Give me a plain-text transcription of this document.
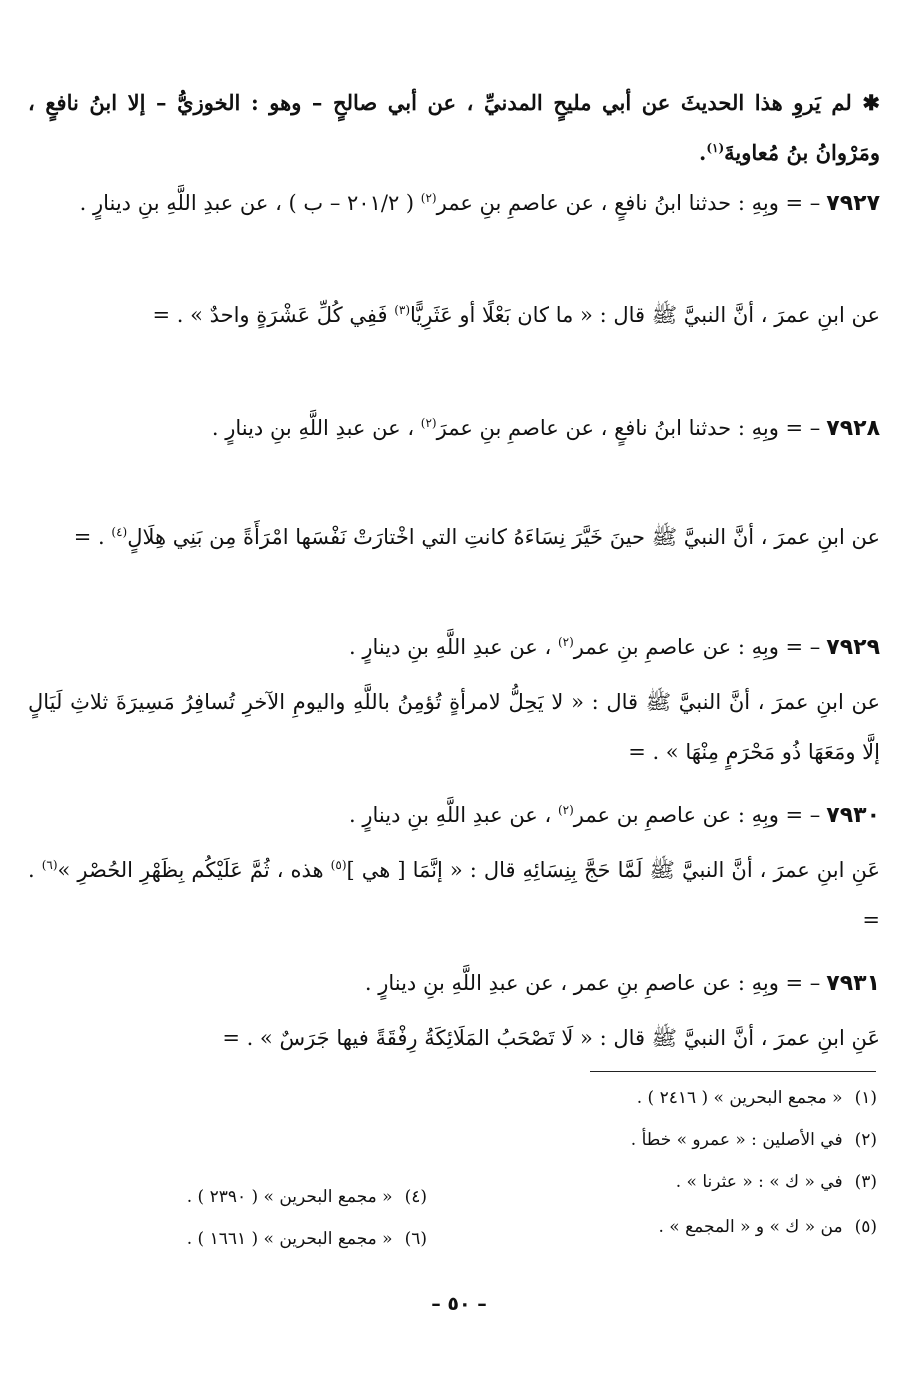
✱ لم يَروِ هذا الحديثَ عن أبي مليحٍ المدنيِّ ، عن أبي صالحٍ – وهو : الخوزيُّ – إلا ابنُ نافعٍ ، ومَرْوانُ بنُ مُعاويةَ$^{(١)}$.

٧٩٢٧– = وبِهِ : حدثنا ابنُ نافعٍ ، عن عاصمِ بنِ عمر$^{(٢)}$ ( ٢٠١/٢ – ب ) ، عن عبدِ اللَّهِ بنِ دينارٍ .

عن ابنِ عمرَ ، أنَّ النبيَّ ﷺ قال : « ما كان بَعْلًا أو عَثَرِيًّا$^{(٣)}$ فَفِي كُلِّ عَشْرَةٍ واحدٌ » . =

٧٩٢٨– = وبِهِ : حدثنا ابنُ نافعٍ ، عن عاصمِ بنِ عمرَ$^{(٢)}$ ، عن عبدِ اللَّهِ بنِ دينارٍ .

عن ابنِ عمرَ ، أنَّ النبيَّ ﷺ حينَ خَيَّرَ نِسَاءَهُ كانتِ التي اخْتارَتْ نَفْسَها امْرَأَةً مِن بَنِي هِلَالٍ$^{(٤)}$ . =

٧٩٢٩– = وبِهِ : عن عاصمِ بنِ عمر$^{(٢)}$ ، عن عبدِ اللَّهِ بنِ دينارٍ .

عن ابنِ عمرَ ، أنَّ النبيَّ ﷺ قال : « لا يَحِلُّ لامرأةٍ تُؤمِنُ باللَّهِ واليومِ الآخرِ تُسافِرُ مَسِيرَةَ ثلاثِ لَيَالٍ إلَّا ومَعَهَا ذُو مَحْرَمٍ مِنْهَا » . =

٧٩٣٠– = وبِهِ : عن عاصمِ بن عمر$^{(٢)}$ ، عن عبدِ اللَّهِ بنِ دينارٍ .

عَنِ ابنِ عمرَ ، أنَّ النبيَّ ﷺ لَمَّا حَجَّ بِنِسَائِهِ قال : « إنَّمَا [ هي ]$^{(٥)}$ هذه ، ثُمَّ عَلَيْكُم بِظَهْرِ الحُصْرِ »$^{(٦)}$ . =

٧٩٣١– = وبِهِ : عن عاصمِ بنِ عمر ، عن عبدِ اللَّهِ بنِ دينارٍ .

عَنِ ابنِ عمرَ ، أنَّ النبيَّ ﷺ قال : « لَا تَصْحَبُ المَلَائِكَةُ رِفْقَةً فيها جَرَسٌ » . =

(١)« مجمع البحرين » ( ٢٤١٦ ) .
(٢)في الأصلين : « عمرو » خطأ .
(٣)في « ك » : « عثرنا » .
(٥)من « ك » و « المجمع » .
(٤)« مجمع البحرين » ( ٢٣٩٠ ) .
(٦)« مجمع البحرين » ( ١٦٦١ ) .
– ٥٠ –
